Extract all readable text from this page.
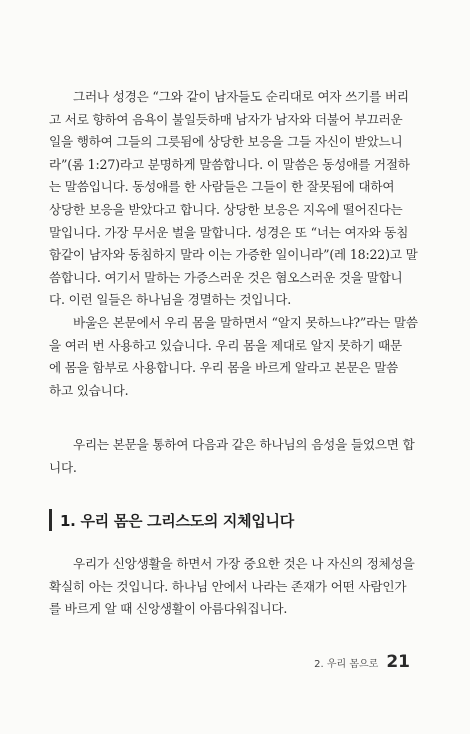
그러나 성경은 “그와 같이 남자들도 순리대로 여자 쓰기를 버리
고 서로 향하여 음욕이 불일듯하매 남자가 남자와 더불어 부끄러운
일을 행하여 그들의 그릇됨에 상당한 보응을 그들 자신이 받았느니
라”(롬 1:27)라고 분명하게 말씀합니다. 이 말씀은 동성애를 거절하
는 말씀입니다. 동성애를 한 사람들은 그들이 한 잘못됨에 대하여
상당한 보응을 받았다고 합니다. 상당한 보응은 지옥에 떨어진다는
말입니다. 가장 무서운 벌을 말합니다. 성경은 또 “너는 여자와 동침
함같이 남자와 동침하지 말라 이는 가증한 일이니라”(레 18:22)고 말
씀합니다. 여기서 말하는 가증스러운 것은 혐오스러운 것을 말합니
다. 이런 일들은 하나님을 경멸하는 것입니다.

바울은 본문에서 우리 몸을 말하면서 “알지 못하느냐?”라는 말씀
을 여러 번 사용하고 있습니다. 우리 몸을 제대로 알지 못하기 때문
에 몸을 함부로 사용합니다. 우리 몸을 바르게 알라고 본문은 말씀
하고 있습니다.

우리는 본문을 통하여 다음과 같은 하나님의 음성을 들었으면 합
니다.

1. 우리 몸은 그리스도의 지체입니다

우리가 신앙생활을 하면서 가장 중요한 것은 나 자신의 정체성을
확실히 아는 것입니다. 하나님 안에서 나라는 존재가 어떤 사람인가
를 바르게 알 때 신앙생활이 아름다워집니다.

2. 우리 몸으로 21
